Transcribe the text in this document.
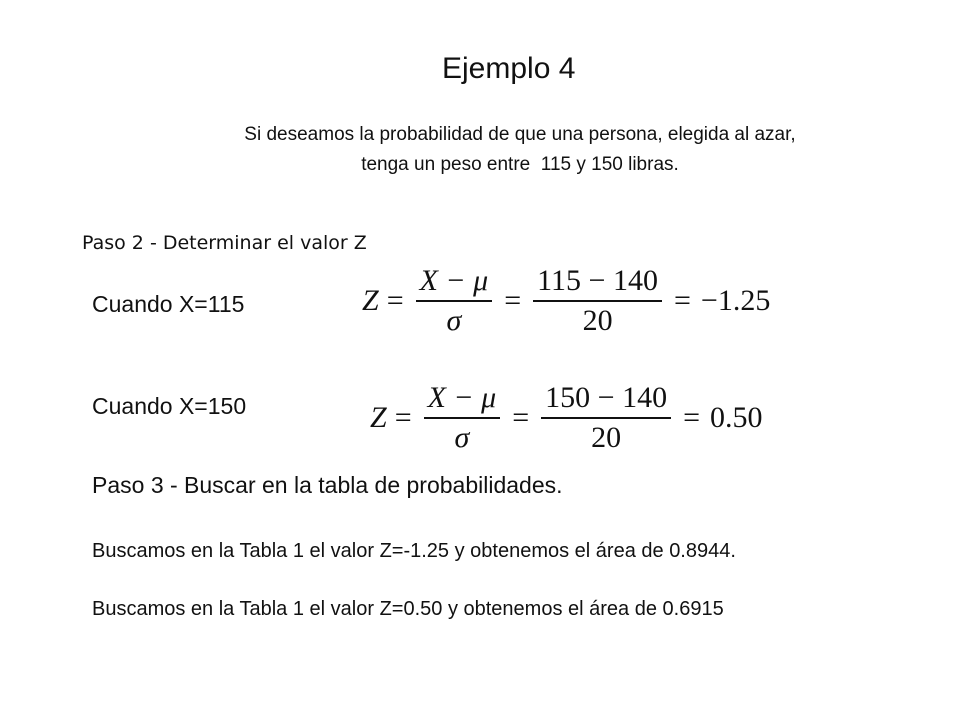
Ejemplo 4
Si deseamos la probabilidad de que una persona, elegida al azar,
tenga un peso entre  115 y 150 libras.
Paso 2 - Determinar el valor Z
Cuando X=115	$Z = \frac{X - \mu}{\sigma} = \frac{115 - 140}{20} = -1.25$
Cuando X=150	$Z = \frac{X - \mu}{\sigma} = \frac{150 - 140}{20} = 0.50$
Paso 3 - Buscar en la tabla de probabilidades.
Buscamos en la Tabla 1 el valor Z=-1.25 y obtenemos el área de 0.8944.
Buscamos en la Tabla 1 el valor Z=0.50 y obtenemos el área de 0.6915
